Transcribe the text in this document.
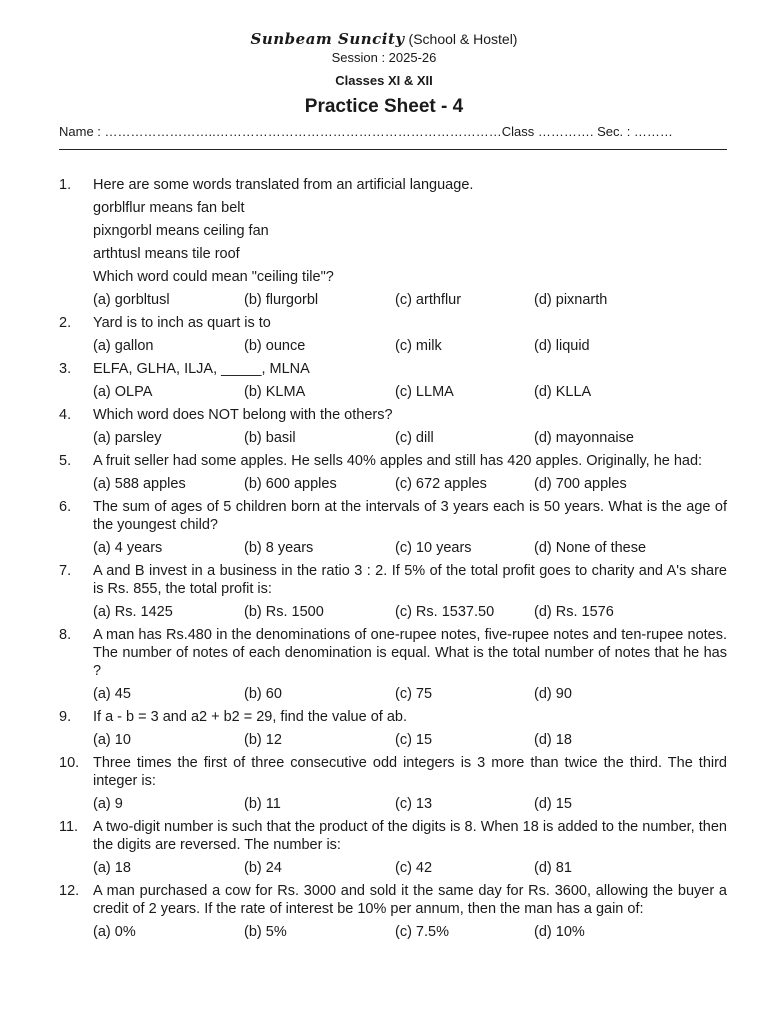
Sunbeam Suncity (School & Hostel)
Session : 2025-26
Classes XI & XII
Practice Sheet - 4
Name : ……………………..…………………………………………………………Class …………. Sec. : ………
1.	Here are some words translated from an artificial language.
gorblflur means fan belt
pixngorbl means ceiling fan
arthtusl means tile roof
Which word could mean "ceiling tile"?
(a) gorbltusl	(b) flurgorbl	(c) arthflur	(d) pixnarth
2.	Yard is to inch as quart is to
(a) gallon	(b) ounce	(c) milk	(d) liquid
3.	ELFA, GLHA, ILJA, _____, MLNA
(a) OLPA	(b) KLMA	(c) LLMA	(d) KLLA
4.	Which word does NOT belong with the others?
(a) parsley	(b) basil	(c) dill	(d) mayonnaise
5.	A fruit seller had some apples. He sells 40% apples and still has 420 apples. Originally, he had:
(a) 588 apples	(b) 600 apples	(c) 672 apples	(d) 700 apples
6.	The sum of ages of 5 children born at the intervals of 3 years each is 50 years. What is the age of the youngest child?
(a) 4 years	(b) 8 years	(c) 10 years	(d) None of these
7.	A and B invest in a business in the ratio 3 : 2. If 5% of the total profit goes to charity and A's share is Rs. 855, the total profit is:
(a) Rs. 1425	(b) Rs. 1500	(c) Rs. 1537.50	(d) Rs. 1576
8.	A man has Rs.480 in the denominations of one-rupee notes, five-rupee notes and ten-rupee notes. The number of notes of each denomination is equal. What is the total number of notes that he has ?
(a) 45	(b) 60	(c) 75	(d) 90
9.	If a - b = 3 and a2 + b2 = 29, find the value of ab.
(a) 10	(b) 12	(c) 15	(d) 18
10. Three times the first of three consecutive odd integers is 3 more than twice the third. The third integer is:
(a) 9	(b) 11	(c) 13	(d) 15
11.	A two-digit number is such that the product of the digits is 8. When 18 is added to the number, then the digits are reversed. The number is:
(a) 18	(b) 24	(c) 42	(d) 81
12. A man purchased a cow for Rs. 3000 and sold it the same day for Rs. 3600, allowing the buyer a credit of 2 years. If the rate of interest be 10% per annum, then the man has a gain of:
(a) 0%	(b) 5%	(c) 7.5%	(d) 10%
